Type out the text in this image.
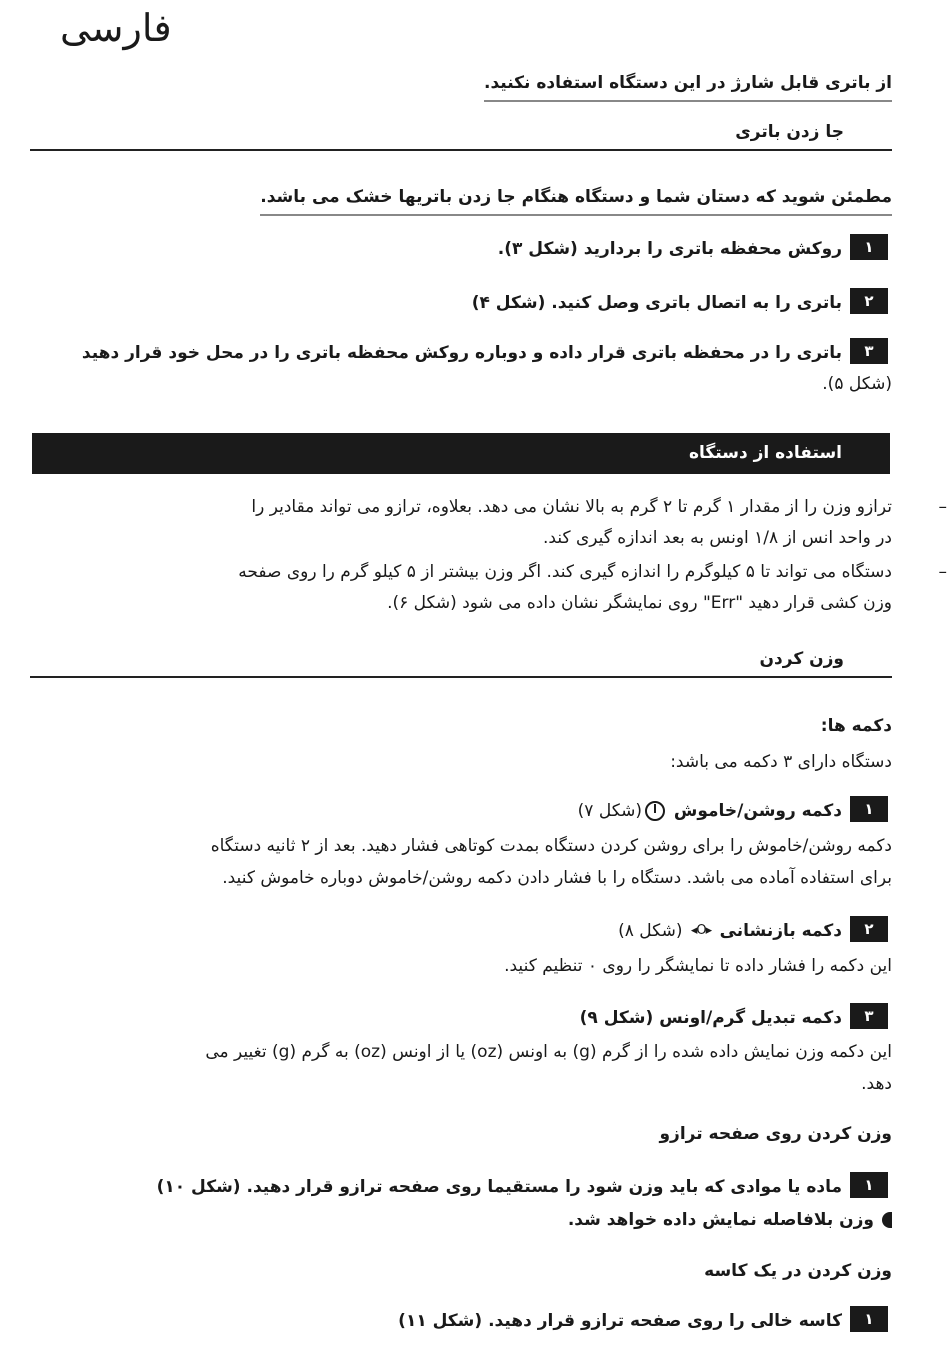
فارسی
از باتری قابل شارژ در این دستگاه استفاده نکنید.
جا زدن باتری
مطمئن شوید که دستان شما و دستگاه هنگام جا زدن باتریها خشک می باشد.
۱روکش محفظه باتری را بردارید (شکل ۳).
۲باتری را به اتصال باتری وصل کنید. (شکل ۴)
۳باتری را در محفظه باتری قرار داده و دوباره روکش محفظه باتری را در محل خود قرار دهید
(شکل ۵).
استفاده از دستگاه
–
ترازو وزن را از مقدار ۱ گرم تا ۲ گرم به بالا نشان می دهد. بعلاوه، ترازو می تواند مقادیر را
در واحد انس از ۱/۸ اونس به بعد اندازه گیری کند.
–
دستگاه می تواند تا ۵ کیلوگرم را اندازه گیری کند. اگر وزن بیشتر از ۵ کیلو گرم را روی صفحه
وزن کشی قرار دهید "Err" روی نمایشگر نشان داده می شود (شکل ۶).
وزن کردن
دکمه ها:
دستگاه دارای ۳ دکمه می باشد:
۱دکمه روشن/خاموش (شکل ۷)
دکمه روشن/خاموش را برای روشن کردن دستگاه بمدت کوتاهی فشار دهید. بعد از ۲ ثانیه دستگاه
برای استفاده آماده می باشد. دستگاه را با فشار دادن دکمه روشن/خاموش دوباره خاموش کنید.
۲دکمه بازنشانی ▸O◂ (شکل ۸)
این دکمه را فشار داده تا نمایشگر را روی ۰ تنظیم کنید.
۳دکمه تبدیل گرم/اونس (شکل ۹)
این دکمه وزن نمایش داده شده را از گرم (g) به اونس (oz) یا از اونس (oz) به گرم (g) تغییر می
دهد.
وزن کردن روی صفحه ترازو
۱ماده یا موادی که باید وزن شود را مستقیما روی صفحه ترازو قرار دهید. (شکل ۱۰)
وزن بلافاصله نمایش داده خواهد شد.
وزن کردن در یک کاسه
۱کاسه خالی را روی صفحه ترازو قرار دهید. (شکل ۱۱)
